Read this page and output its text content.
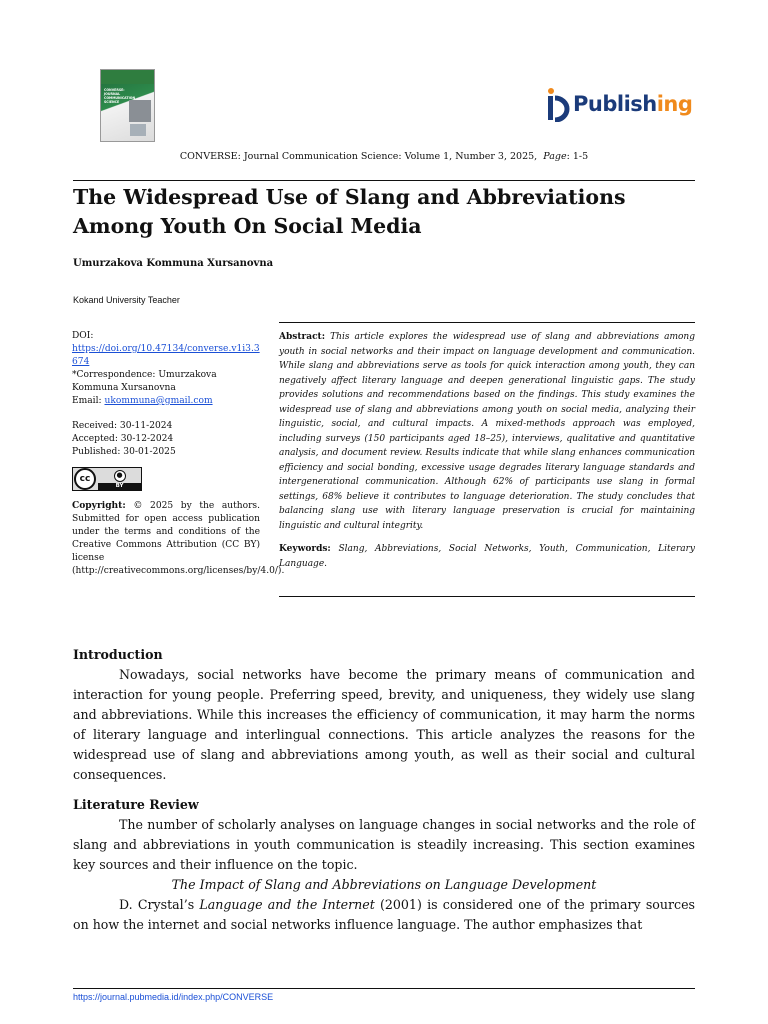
CONVERSE: JOURNAL COMMUNICATION SCIENCE	Publishing
CONVERSE: Journal Communication Science: Volume 1, Number 3, 2025, Page: 1-5
The Widespread Use of Slang and Abbreviations Among Youth On Social Media
Umurzakova Kommuna Xursanovna
Kokand University Teacher
DOI:
https://doi.org/10.47134/converse.v1i3.3674
*Correspondence: Umurzakova Kommuna Xursanovna
Email: ukommuna@gmail.com
Received: 30-11-2024
Accepted: 30-12-2024
Published: 30-01-2025
cc	●
BY
Copyright: © 2025 by the authors. Submitted for open access publication under the terms and conditions of the Creative Commons Attribution (CC BY) license (http://creativecommons.org/licenses/by/4.0/).
Abstract: This article explores the widespread use of slang and abbreviations among youth in social networks and their impact on language development and communication. While slang and abbreviations serve as tools for quick interaction among youth, they can negatively affect literary language and deepen generational linguistic gaps. The study provides solutions and recommendations based on the findings. This study examines the widespread use of slang and abbreviations among youth on social media, analyzing their linguistic, social, and cultural impacts. A mixed-methods approach was employed, including surveys (150 participants aged 18–25), interviews, qualitative and quantitative analysis, and document review. Results indicate that while slang enhances communication efficiency and social bonding, excessive usage degrades literary language standards and intergenerational communication. Although 62% of participants use slang in formal settings, 68% believe it contributes to language deterioration. The study concludes that balancing slang use with literary language preservation is crucial for maintaining linguistic and cultural integrity.
Keywords: Slang, Abbreviations, Social Networks, Youth, Communication, Literary Language.
Introduction

Nowadays, social networks have become the primary means of communication and interaction for young people. Preferring speed, brevity, and uniqueness, they widely use slang and abbreviations. While this increases the efficiency of communication, it may harm the norms of literary language and interlingual connections. This article analyzes the reasons for the widespread use of slang and abbreviations among youth, as well as their social and cultural consequences.

Literature Review

The number of scholarly analyses on language changes in social networks and the role of slang and abbreviations in youth communication is steadily increasing. This section examines key sources and their influence on the topic.

The Impact of Slang and Abbreviations on Language Development

D. Crystal’s Language and the Internet (2001) is considered one of the primary sources on how the internet and social networks influence language. The author emphasizes that

https://journal.pubmedia.id/index.php/CONVERSE
